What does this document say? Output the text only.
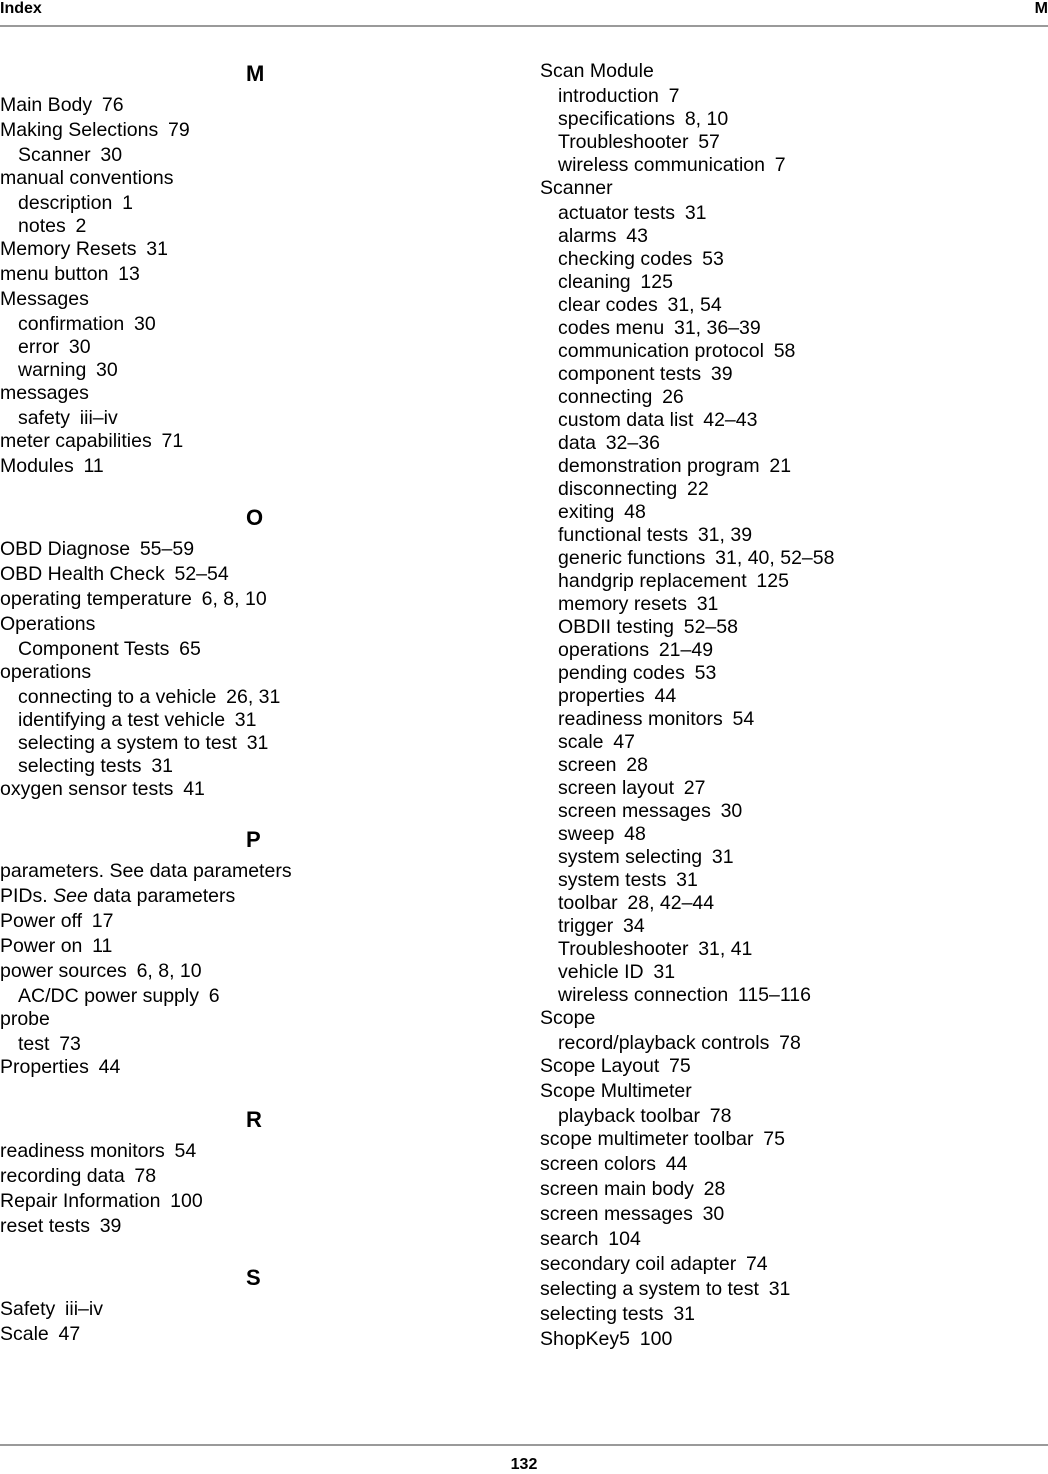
Index	M
M
Main Body  76
Making Selections  79
Scanner  30
manual conventions
description  1
notes  2
Memory Resets  31
menu button  13
Messages
confirmation  30
error  30
warning  30
messages
safety  iii–iv
meter capabilities  71
Modules  11
O
OBD Diagnose  55–59
OBD Health Check  52–54
operating temperature  6, 8, 10
Operations
Component Tests  65
operations
connecting to a vehicle  26, 31
identifying a test vehicle  31
selecting a system to test  31
selecting tests  31
oxygen sensor tests  41
P
parameters. See data parameters
PIDs. See data parameters
Power off  17
Power on  11
power sources  6, 8, 10
AC/DC power supply  6
probe
test  73
Properties  44
R
readiness monitors  54
recording data  78
Repair Information  100
reset tests  39
S
Safety  iii–iv
Scale  47
Scan Module
introduction  7
specifications  8, 10
Troubleshooter  57
wireless communication  7
Scanner
actuator tests  31
alarms  43
checking codes  53
cleaning  125
clear codes  31, 54
codes menu  31, 36–39
communication protocol  58
component tests  39
connecting  26
custom data list  42–43
data  32–36
demonstration program  21
disconnecting  22
exiting  48
functional tests  31, 39
generic functions  31, 40, 52–58
handgrip replacement  125
memory resets  31
OBDII testing  52–58
operations  21–49
pending codes  53
properties  44
readiness monitors  54
scale  47
screen  28
screen layout  27
screen messages  30
sweep  48
system selecting  31
system tests  31
toolbar  28, 42–44
trigger  34
Troubleshooter  31, 41
vehicle ID  31
wireless connection  115–116
Scope
record/playback controls  78
Scope Layout  75
Scope Multimeter
playback toolbar  78
scope multimeter toolbar  75
screen colors  44
screen main body  28
screen messages  30
search  104
secondary coil adapter  74
selecting a system to test  31
selecting tests  31
ShopKey5  100
132
